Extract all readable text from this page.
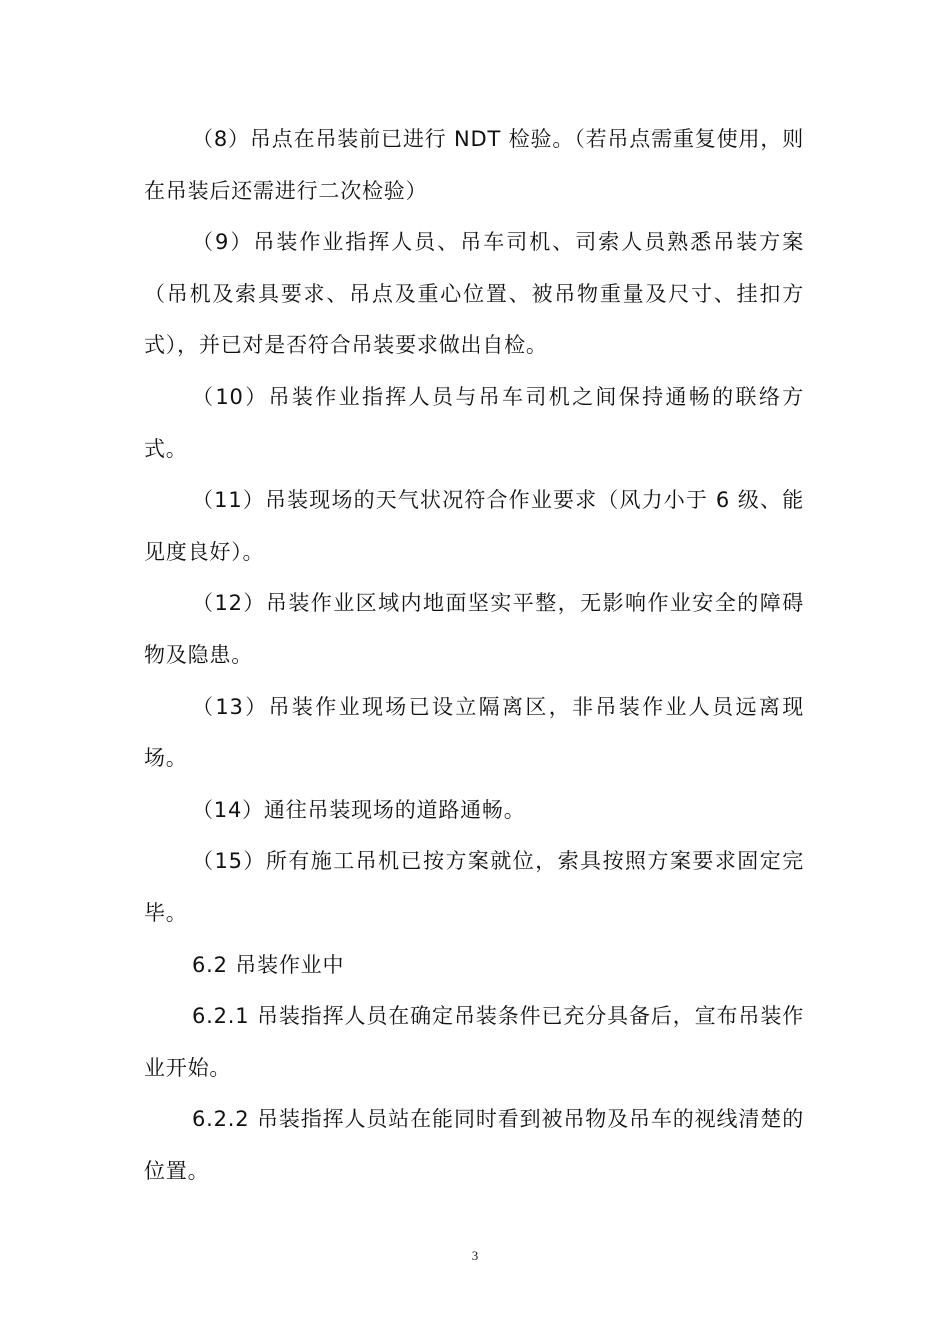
（8）吊点在吊装前已进行 NDT 检验。（若吊点需重复使用，则在吊装后还需进行二次检验）

（9）吊装作业指挥人员、吊车司机、司索人员熟悉吊装方案（吊机及索具要求、吊点及重心位置、被吊物重量及尺寸、挂扣方式），并已对是否符合吊装要求做出自检。

（10）吊装作业指挥人员与吊车司机之间保持通畅的联络方式。

（11）吊装现场的天气状况符合作业要求（风力小于 6 级、能见度良好）。

（12）吊装作业区域内地面坚实平整，无影响作业安全的障碍物及隐患。

（13）吊装作业现场已设立隔离区，非吊装作业人员远离现场。

（14）通往吊装现场的道路通畅。

（15）所有施工吊机已按方案就位，索具按照方案要求固定完毕。

6.2 吊装作业中

6.2.1 吊装指挥人员在确定吊装条件已充分具备后，宣布吊装作业开始。

6.2.2 吊装指挥人员站在能同时看到被吊物及吊车的视线清楚的位置。

3
